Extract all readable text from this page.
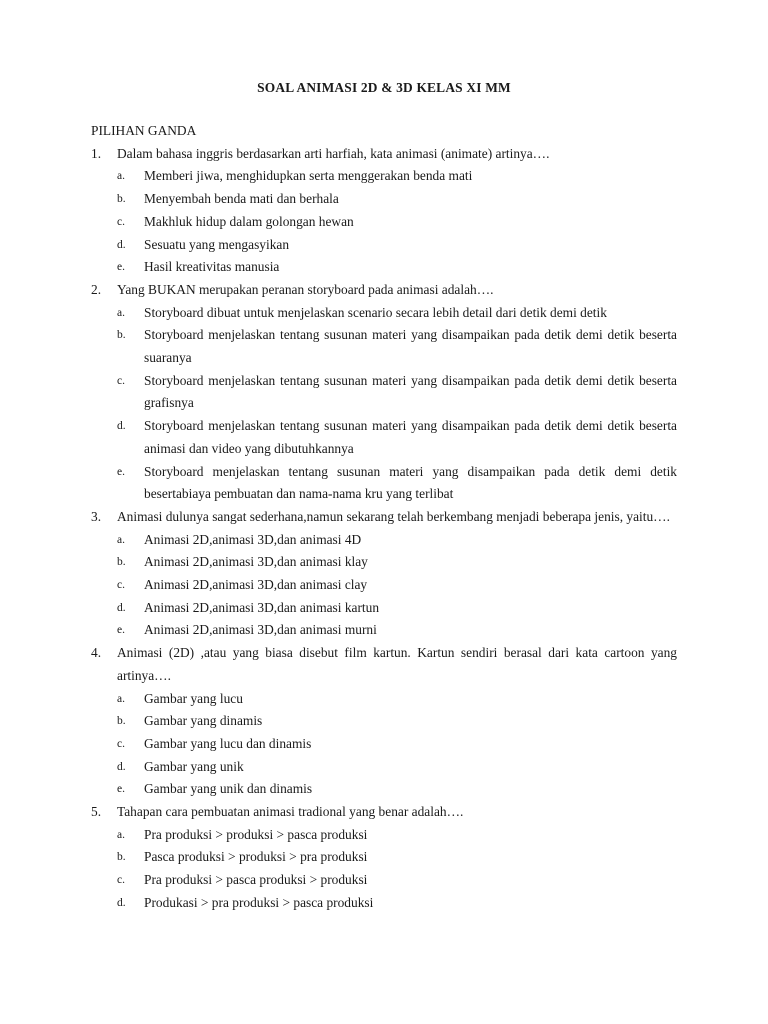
SOAL ANIMASI 2D & 3D KELAS XI MM
PILIHAN GANDA
1.	Dalam bahasa inggris berdasarkan arti harfiah, kata animasi (animate) artinya….
a.	Memberi jiwa, menghidupkan serta menggerakan benda mati
b.	Menyembah benda mati dan berhala
c.	Makhluk hidup dalam golongan hewan
d.	Sesuatu yang mengasyikan
e.	Hasil kreativitas manusia
2.	Yang BUKAN merupakan peranan storyboard pada animasi adalah….
a.	Storyboard dibuat untuk menjelaskan scenario secara lebih detail dari detik demi detik
b.	Storyboard menjelaskan tentang susunan materi yang disampaikan pada detik demi detik beserta suaranya
c.	Storyboard menjelaskan tentang susunan materi yang disampaikan pada detik demi detik beserta grafisnya
d.	Storyboard menjelaskan tentang susunan materi yang disampaikan pada detik demi detik beserta animasi dan video yang dibutuhkannya
e.	Storyboard menjelaskan tentang susunan materi yang disampaikan pada detik demi detik besertabiaya pembuatan dan nama-nama kru yang terlibat
3.	Animasi dulunya sangat sederhana,namun sekarang telah berkembang menjadi beberapa jenis, yaitu….
a.	Animasi 2D,animasi 3D,dan animasi 4D
b.	Animasi 2D,animasi 3D,dan animasi klay
c.	Animasi 2D,animasi 3D,dan animasi clay
d.	Animasi 2D,animasi 3D,dan animasi kartun
e.	Animasi 2D,animasi 3D,dan animasi murni
4.	Animasi (2D) ,atau yang biasa disebut film kartun. Kartun sendiri berasal dari kata cartoon yang artinya….
a.	Gambar yang lucu
b.	Gambar yang dinamis
c.	Gambar yang lucu dan dinamis
d.	Gambar yang unik
e.	Gambar yang unik dan dinamis
5.	Tahapan cara pembuatan animasi tradional yang benar adalah….
a.	Pra produksi > produksi > pasca produksi
b.	Pasca produksi > produksi > pra produksi
c.	Pra produksi > pasca produksi > produksi
d.	Produkasi > pra produksi > pasca produksi
